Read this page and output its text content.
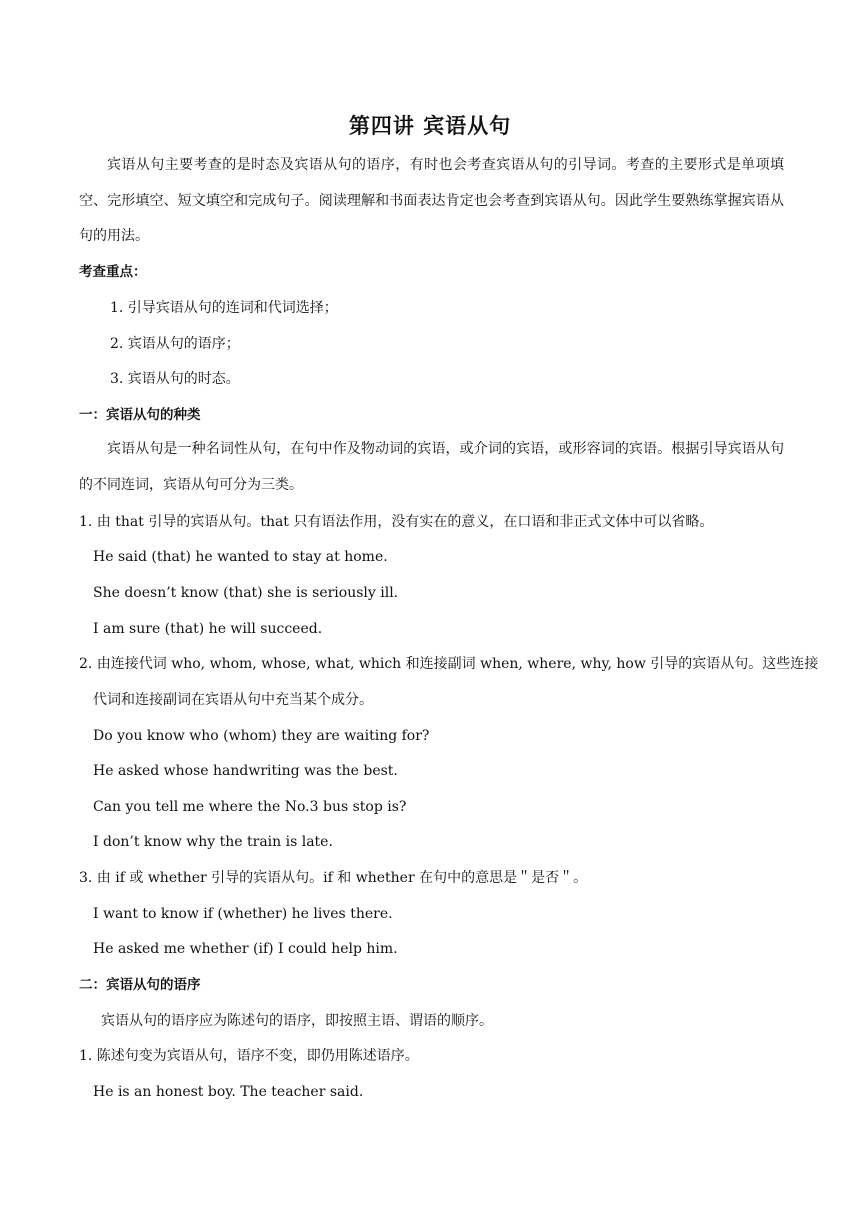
第四讲 宾语从句
宾语从句主要考查的是时态及宾语从句的语序，有时也会考查宾语从句的引导词。考查的主要形式是单项填空、完形填空、短文填空和完成句子。阅读理解和书面表达肯定也会考查到宾语从句。因此学生要熟练掌握宾语从句的用法。
考查重点：
1. 引导宾语从句的连词和代词选择；
2. 宾语从句的语序；
3. 宾语从句的时态。
一：宾语从句的种类
宾语从句是一种名词性从句，在句中作及物动词的宾语，或介词的宾语，或形容词的宾语。根据引导宾语从句的不同连词，宾语从句可分为三类。
1. 由 that 引导的宾语从句。that 只有语法作用，没有实在的意义，在口语和非正式文体中可以省略。
He said (that) he wanted to stay at home.
She doesn’t know (that) she is seriously ill.
I am sure (that) he will succeed.
2. 由连接代词 who, whom, whose, what, which 和连接副词 when, where, why, how 引导的宾语从句。这些连接
代词和连接副词在宾语从句中充当某个成分。
Do you know who (whom) they are waiting for?
He asked whose handwriting was the best.
Can you tell me where the No.3 bus stop is?
I don’t know why the train is late.
3. 由 if 或 whether 引导的宾语从句。if 和 whether 在句中的意思是＂是否＂。
I want to know if (whether) he lives there.
He asked me whether (if) I could help him.
二：宾语从句的语序
宾语从句的语序应为陈述句的语序，即按照主语、谓语的顺序。
1. 陈述句变为宾语从句，语序不变，即仍用陈述语序。
He is an honest boy. The teacher said.
